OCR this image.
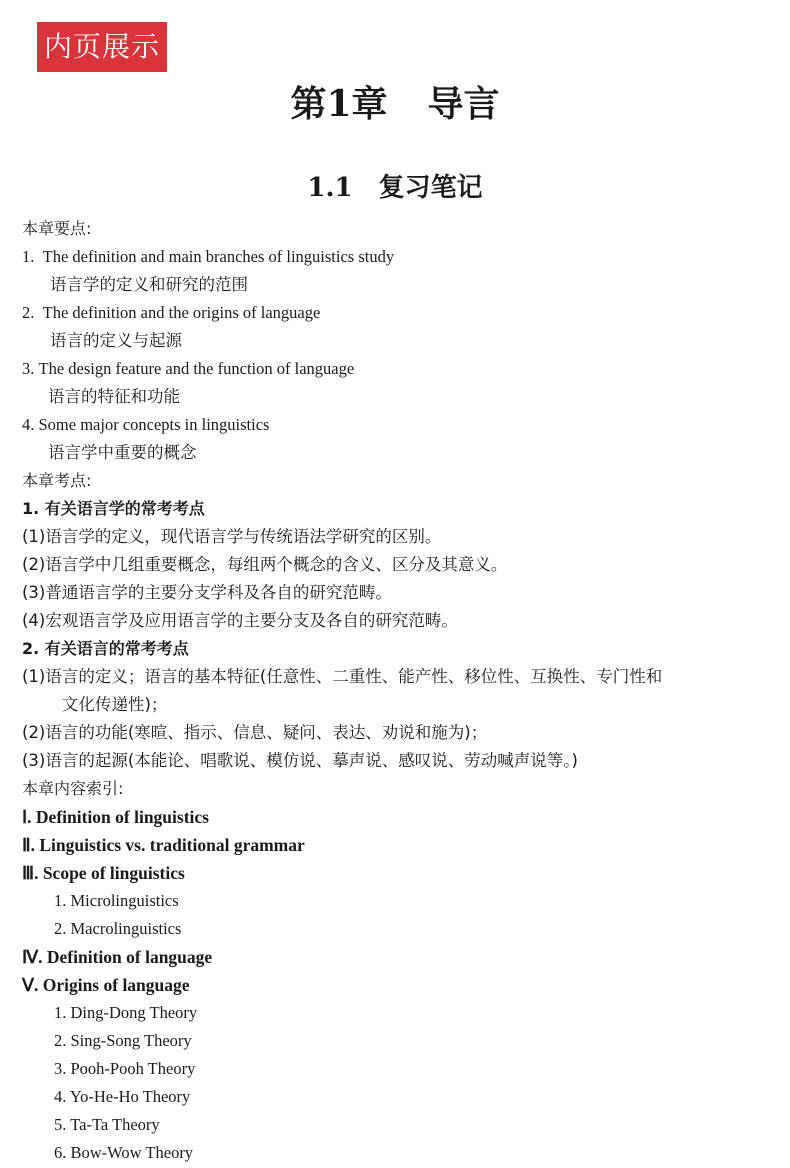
内页展示
第1章 导言
1.1 复习笔记
本章要点:
1. The definition and main branches of linguistics study
语言学的定义和研究的范围
2. The definition and the origins of language
语言的定义与起源
3. The design feature and the function of language
语言的特征和功能
4. Some major concepts in linguistics
语言学中重要的概念
本章考点:
1. 有关语言学的常考考点
(1)语言学的定义，现代语言学与传统语法学研究的区别。
(2)语言学中几组重要概念，每组两个概念的含义、区分及其意义。
(3)普通语言学的主要分支学科及各自的研究范畴。
(4)宏观语言学及应用语言学的主要分支及各自的研究范畴。
2. 有关语言的常考考点
(1)语言的定义；语言的基本特征(任意性、二重性、能产性、移位性、互换性、专门性和
文化传递性)；
(2)语言的功能(寒暄、指示、信息、疑问、表达、劝说和施为)；
(3)语言的起源(本能论、唱歌说、模仿说、摹声说、感叹说、劳动喊声说等。)
本章内容索引:
Ⅰ. Definition of linguistics
Ⅱ. Linguistics vs. traditional grammar
Ⅲ. Scope of linguistics
1. Microlinguistics
2. Macrolinguistics
Ⅳ. Definition of language
Ⅴ. Origins of language
1. Ding-Dong Theory
2. Sing-Song Theory
3. Pooh-Pooh Theory
4. Yo-He-Ho Theory
5. Ta-Ta Theory
6. Bow-Wow Theory
